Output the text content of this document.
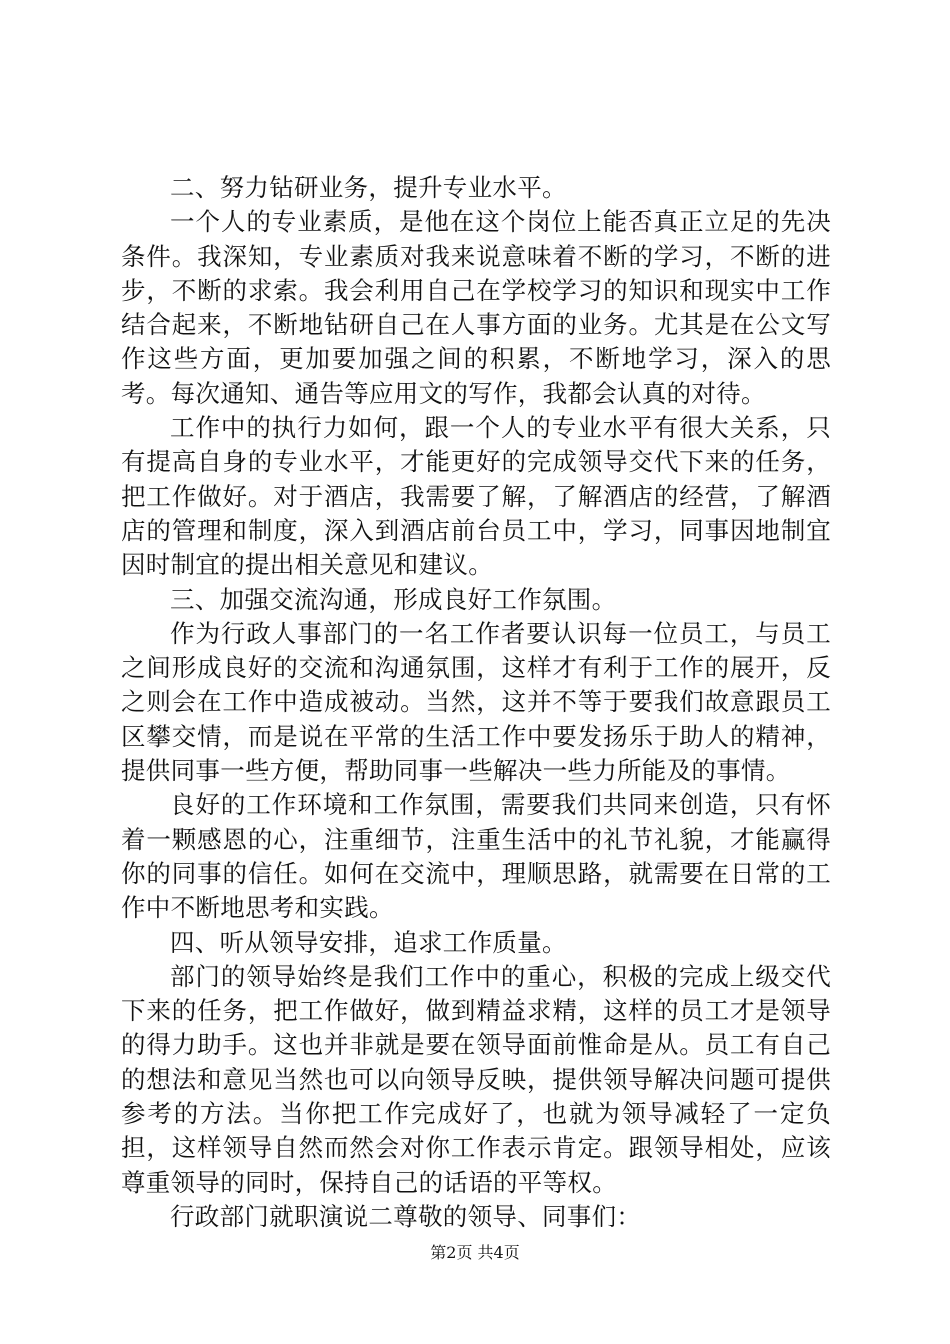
二、努力钻研业务，提升专业水平。

一个人的专业素质，是他在这个岗位上能否真正立足的先决条件。我深知，专业素质对我来说意味着不断的学习，不断的进步，不断的求索。我会利用自己在学校学习的知识和现实中工作结合起来，不断地钻研自己在人事方面的业务。尤其是在公文写作这些方面，更加要加强之间的积累，不断地学习，深入的思考。每次通知、通告等应用文的写作，我都会认真的对待。

工作中的执行力如何，跟一个人的专业水平有很大关系，只有提高自身的专业水平，才能更好的完成领导交代下来的任务，把工作做好。对于酒店，我需要了解，了解酒店的经营，了解酒店的管理和制度，深入到酒店前台员工中，学习，同事因地制宜因时制宜的提出相关意见和建议。

三、加强交流沟通，形成良好工作氛围。

作为行政人事部门的一名工作者要认识每一位员工，与员工之间形成良好的交流和沟通氛围，这样才有利于工作的展开，反之则会在工作中造成被动。当然，这并不等于要我们故意跟员工区攀交情，而是说在平常的生活工作中要发扬乐于助人的精神，提供同事一些方便，帮助同事一些解决一些力所能及的事情。

良好的工作环境和工作氛围，需要我们共同来创造，只有怀着一颗感恩的心，注重细节，注重生活中的礼节礼貌，才能赢得你的同事的信任。如何在交流中，理顺思路，就需要在日常的工作中不断地思考和实践。

四、听从领导安排，追求工作质量。

部门的领导始终是我们工作中的重心，积极的完成上级交代下来的任务，把工作做好，做到精益求精，这样的员工才是领导的得力助手。这也并非就是要在领导面前惟命是从。员工有自己的想法和意见当然也可以向领导反映，提供领导解决问题可提供参考的方法。当你把工作完成好了，也就为领导减轻了一定负担，这样领导自然而然会对你工作表示肯定。跟领导相处，应该尊重领导的同时，保持自己的话语的平等权。

行政部门就职演说二尊敬的领导、同事们：

第2页 共4页
